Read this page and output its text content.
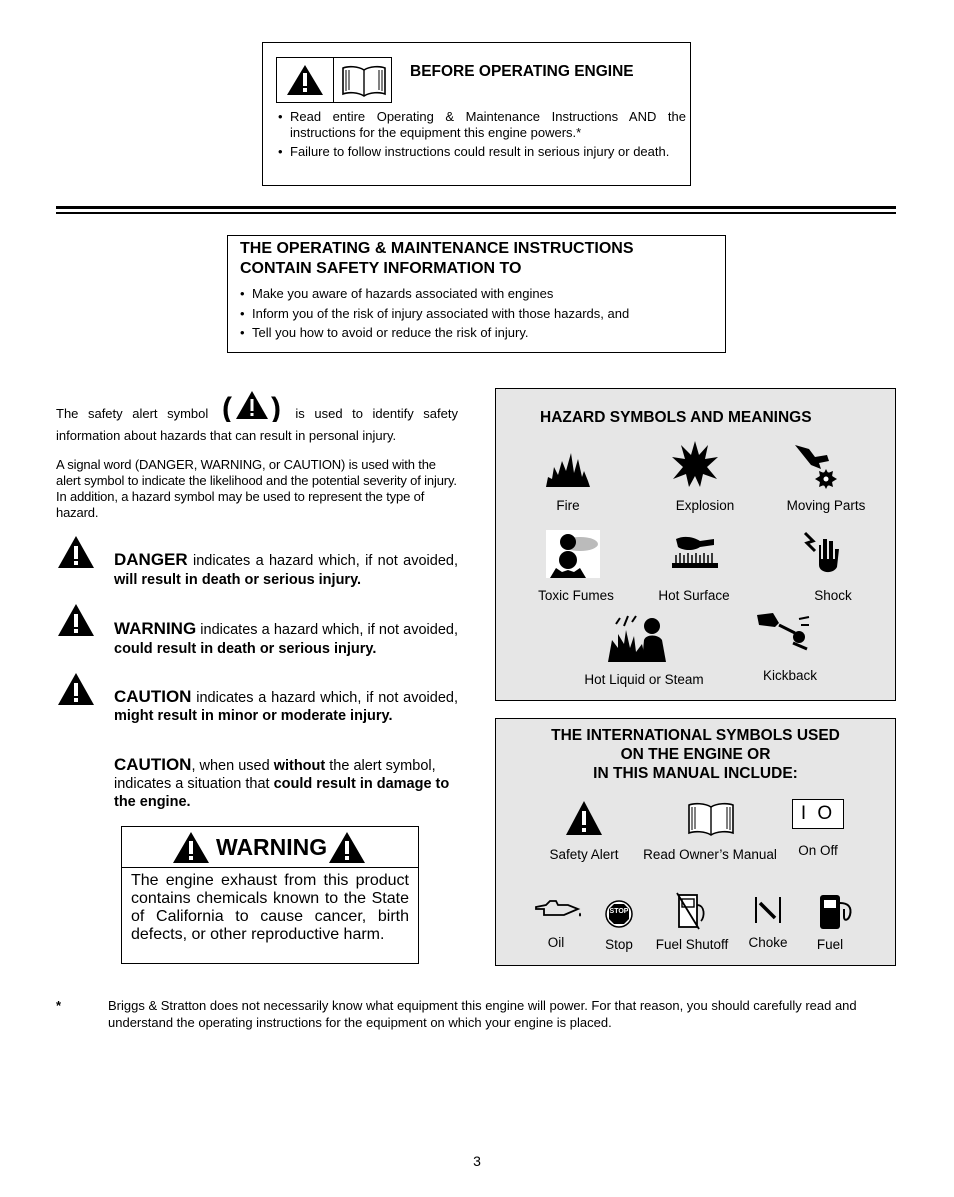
BEFORE OPERATING ENGINE
• Read entire Operating & Maintenance Instructions AND the instructions for the equipment this engine powers.*
• Failure to follow instructions could result in serious injury or death.
THE OPERATING & MAINTENANCE INSTRUCTIONS
CONTAIN SAFETY INFORMATION TO
• Make you aware of hazards associated with engines
• Inform you of the risk of injury associated with those hazards, and
• Tell you how to avoid or reduce the risk of injury.
The safety alert symbol ( ) is used to identify safety information about hazards that can result in personal injury.
A signal word (DANGER, WARNING, or CAUTION) is used with the alert symbol to indicate the likelihood and the potential severity of injury. In addition, a hazard symbol may be used to represent the type of hazard.
DANGER indicates a hazard which, if not avoided, will result in death or serious injury.
WARNING indicates a hazard which, if not avoided, could result in death or serious injury.
CAUTION indicates a hazard which, if not avoided, might result in minor or moderate injury.
CAUTION, when used without the alert symbol, indicates a situation that could result in damage to the engine.
WARNING
The engine exhaust from this product contains chemicals known to the State of California to cause cancer, birth defects, or other reproductive harm.
HAZARD SYMBOLS AND MEANINGS
Fire	Explosion	Moving Parts
Toxic Fumes	Hot Surface	Shock
Hot Liquid or Steam	Kickback
THE INTERNATIONAL SYMBOLS USED
ON THE ENGINE OR
IN THIS MANUAL INCLUDE:
Safety Alert	Read Owner’s Manual
I O
On Off
Oil
STOP
Stop	Fuel Shutoff	Choke	Fuel
*	Briggs & Stratton does not necessarily know what equipment this engine will power. For that reason, you should carefully read and understand the operating instructions for the equipment on which your engine is placed.
3
